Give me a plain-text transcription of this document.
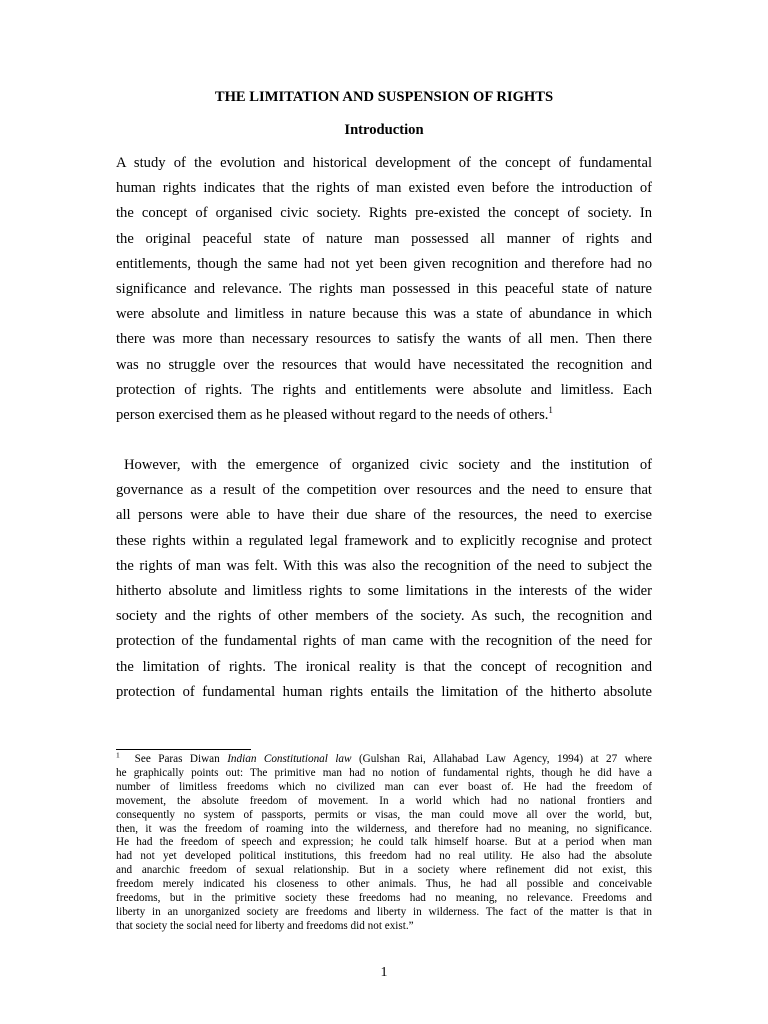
THE LIMITATION AND SUSPENSION OF RIGHTS
Introduction

A study of the evolution and historical development of the concept of fundamental
human rights indicates that the rights of man existed even before the introduction of
the concept of organised civic society. Rights pre-existed the concept of society. In
the original peaceful state of nature man possessed all manner of rights and
entitlements, though the same had not yet been given recognition and therefore had no
significance and relevance. The rights man possessed in this peaceful state of nature
were absolute and limitless in nature because this was a state of abundance in which
there was more than necessary resources to satisfy the wants of all men. Then there
was no struggle over the resources that would have necessitated the recognition and
protection of rights. The rights and entitlements were absolute and limitless. Each
person exercised them as he pleased without regard to the needs of others.$^1$

However, with the emergence of organized civic society and the institution of
governance as a result of the competition over resources and the need to ensure that
all persons were able to have their due share of the resources, the need to exercise
these rights within a regulated legal framework and to explicitly recognise and protect
the rights of man was felt. With this was also the recognition of the need to subject the
hitherto absolute and limitless rights to some limitations in the interests of the wider
society and the rights of other members of the society. As such, the recognition and
protection of the fundamental rights of man came with the recognition of the need for
the limitation of rights. The ironical reality is that the concept of recognition and
protection of fundamental human rights entails the limitation of the hitherto absolute

$^1$ See Paras Diwan Indian Constitutional law (Gulshan Rai, Allahabad Law Agency, 1994) at 27 where
he graphically points out: The primitive man had no notion of fundamental rights, though he did have a
number of limitless freedoms which no civilized man can ever boast of. He had the freedom of
movement, the absolute freedom of movement. In a world which had no national frontiers and
consequently no system of passports, permits or visas, the man could move all over the world, but,
then, it was the freedom of roaming into the wilderness, and therefore had no meaning, no significance.
He had the freedom of speech and expression; he could talk himself hoarse. But at a period when man
had not yet developed political institutions, this freedom had no real utility. He also had the absolute
and anarchic freedom of sexual relationship. But in a society where refinement did not exist, this
freedom merely indicated his closeness to other animals. Thus, he had all possible and conceivable
freedoms, but in the primitive society these freedoms had no meaning, no relevance. Freedoms and
liberty in an unorganized society are freedoms and liberty in wilderness. The fact of the matter is that in
that society the social need for liberty and freedoms did not exist.”
1
